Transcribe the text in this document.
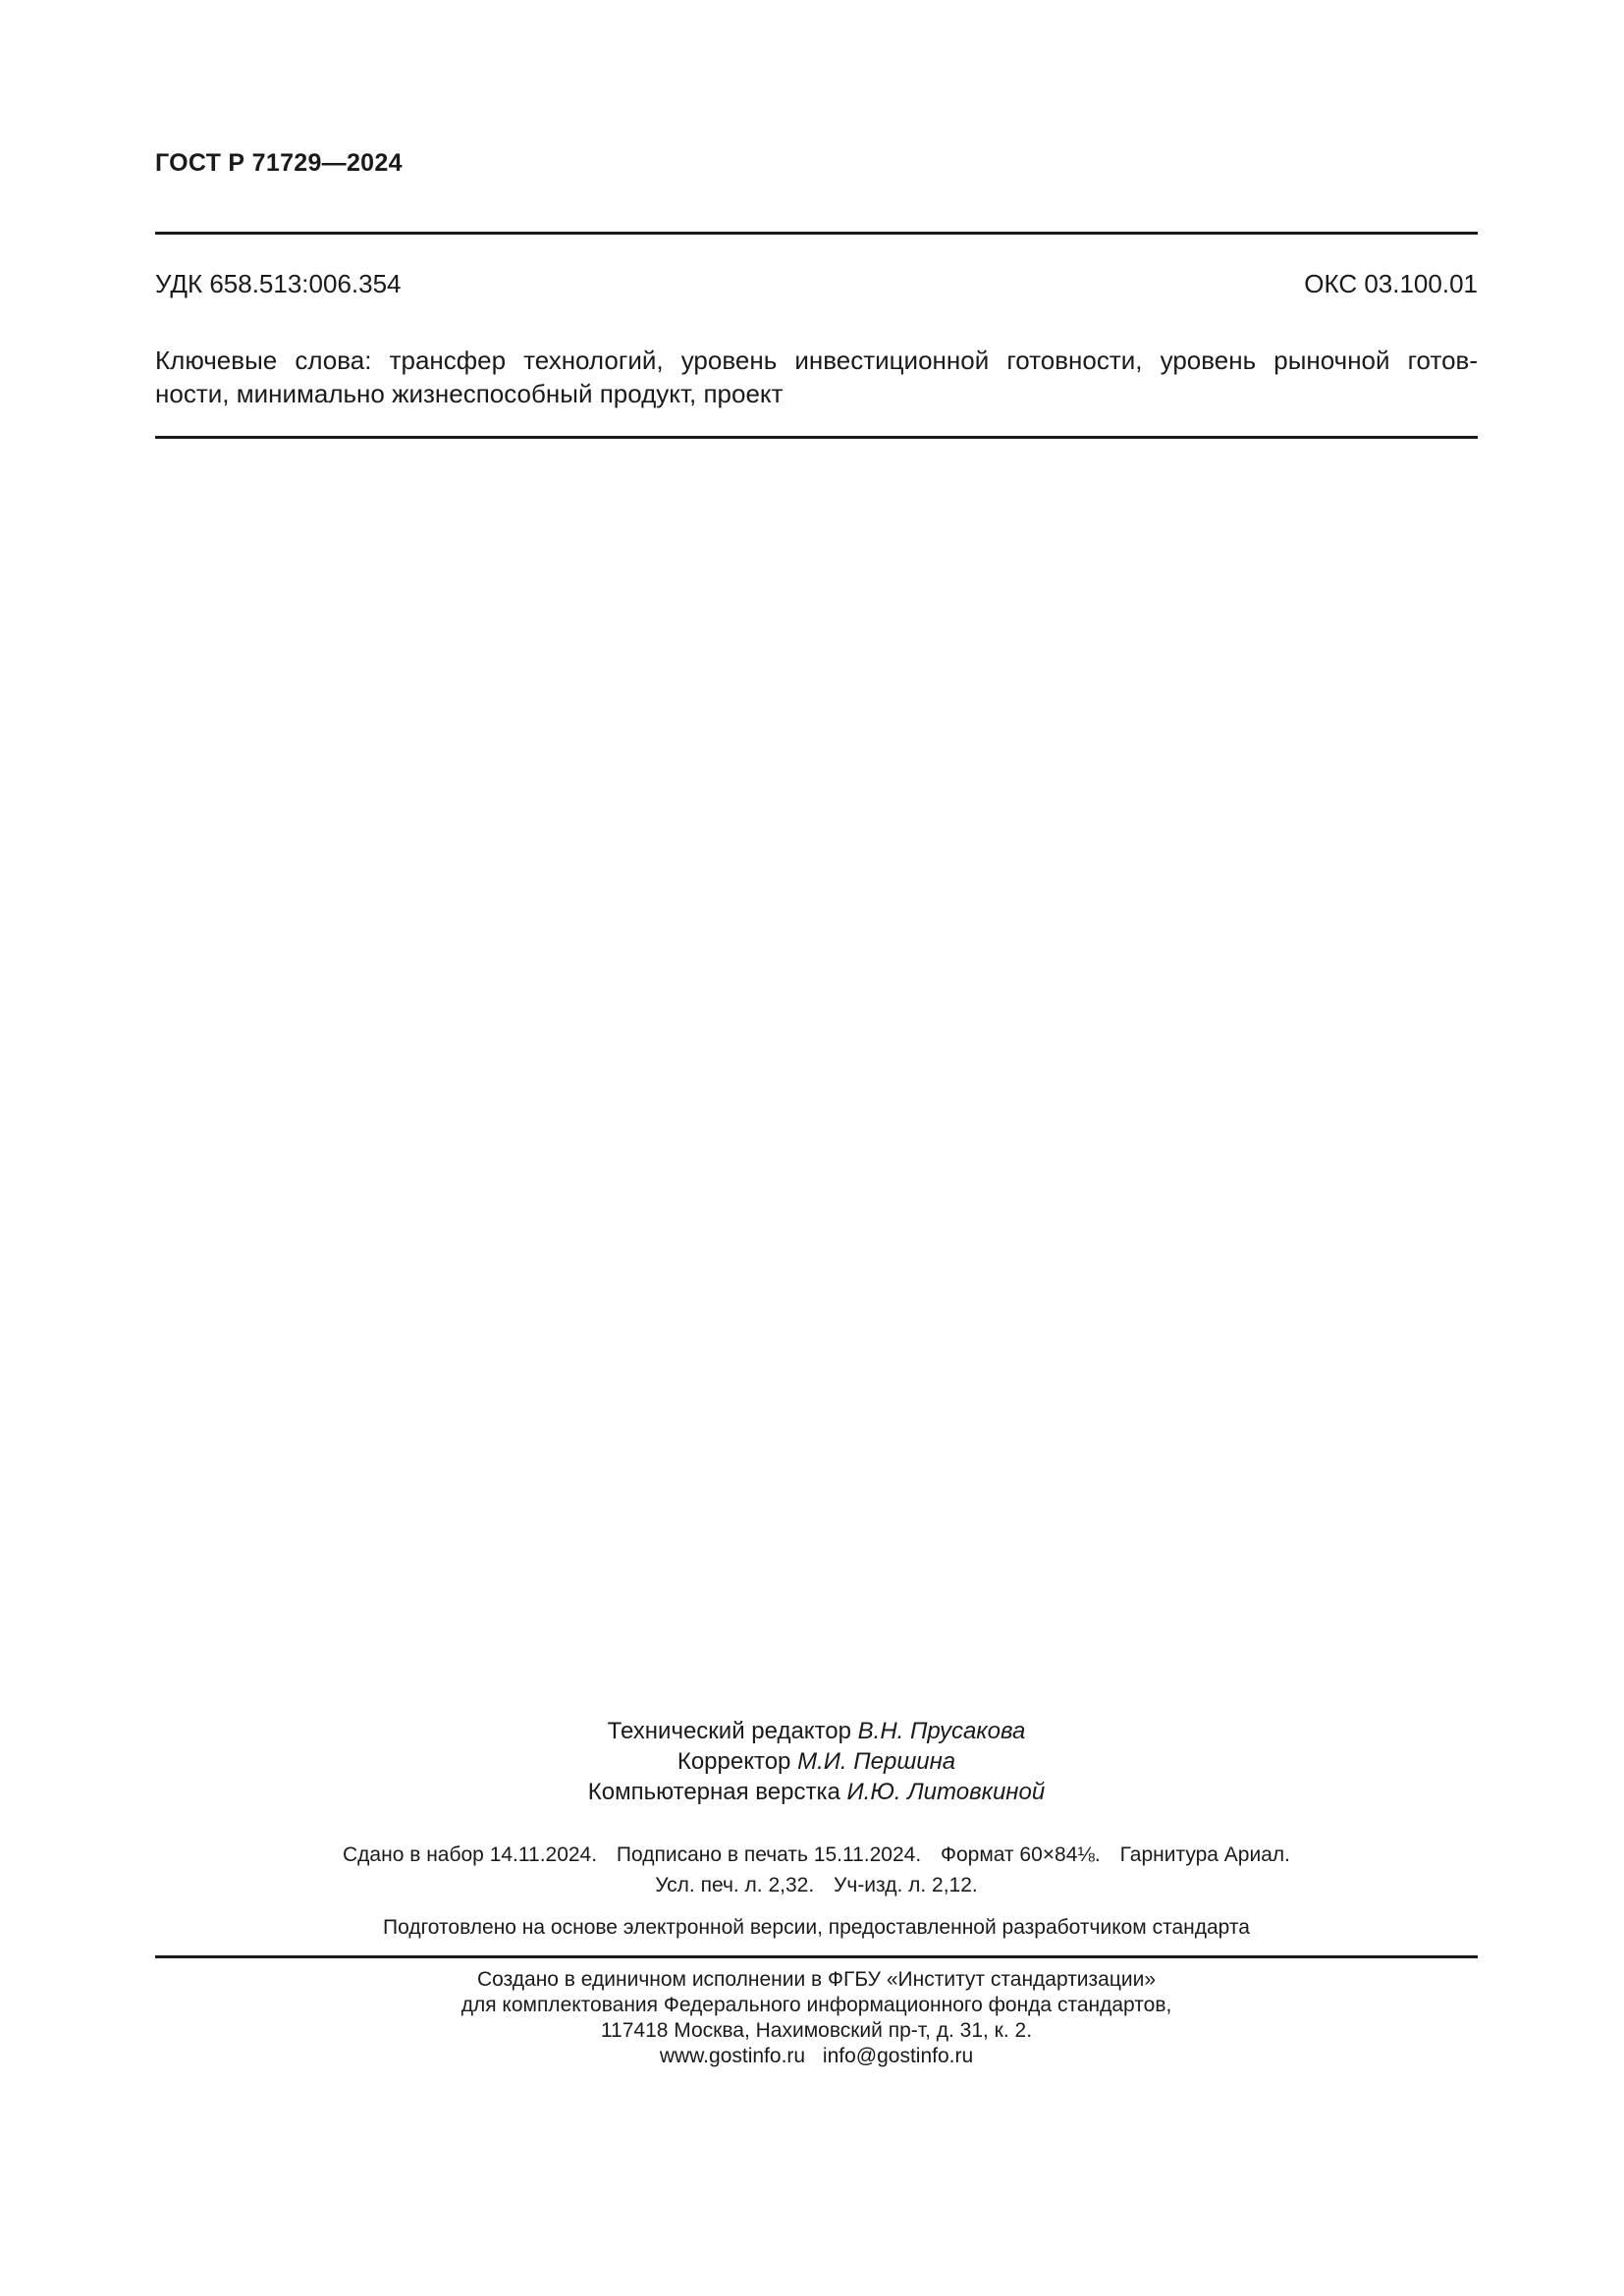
ГОСТ Р 71729—2024
УДК 658.513:006.354	ОКС 03.100.01
Ключевые слова: трансфер технологий, уровень инвестиционной готовности, уровень рыночной готов-
ности, минимально жизнеспособный продукт, проект
Технический редактор В.Н. Прусакова
Корректор М.И. Першина
Компьютерная верстка И.Ю. Литовкиной
Сдано в набор 14.11.2024. Подписано в печать 15.11.2024. Формат 60×84⅛. Гарнитура Ариал.
Усл. печ. л. 2,32. Уч-изд. л. 2,12.
Подготовлено на основе электронной версии, предоставленной разработчиком стандарта
Создано в единичном исполнении в ФГБУ «Институт стандартизации»
для комплектования Федерального информационного фонда стандартов,
117418 Москва, Нахимовский пр-т, д. 31, к. 2.
www.gostinfo.ru info@gostinfo.ru
